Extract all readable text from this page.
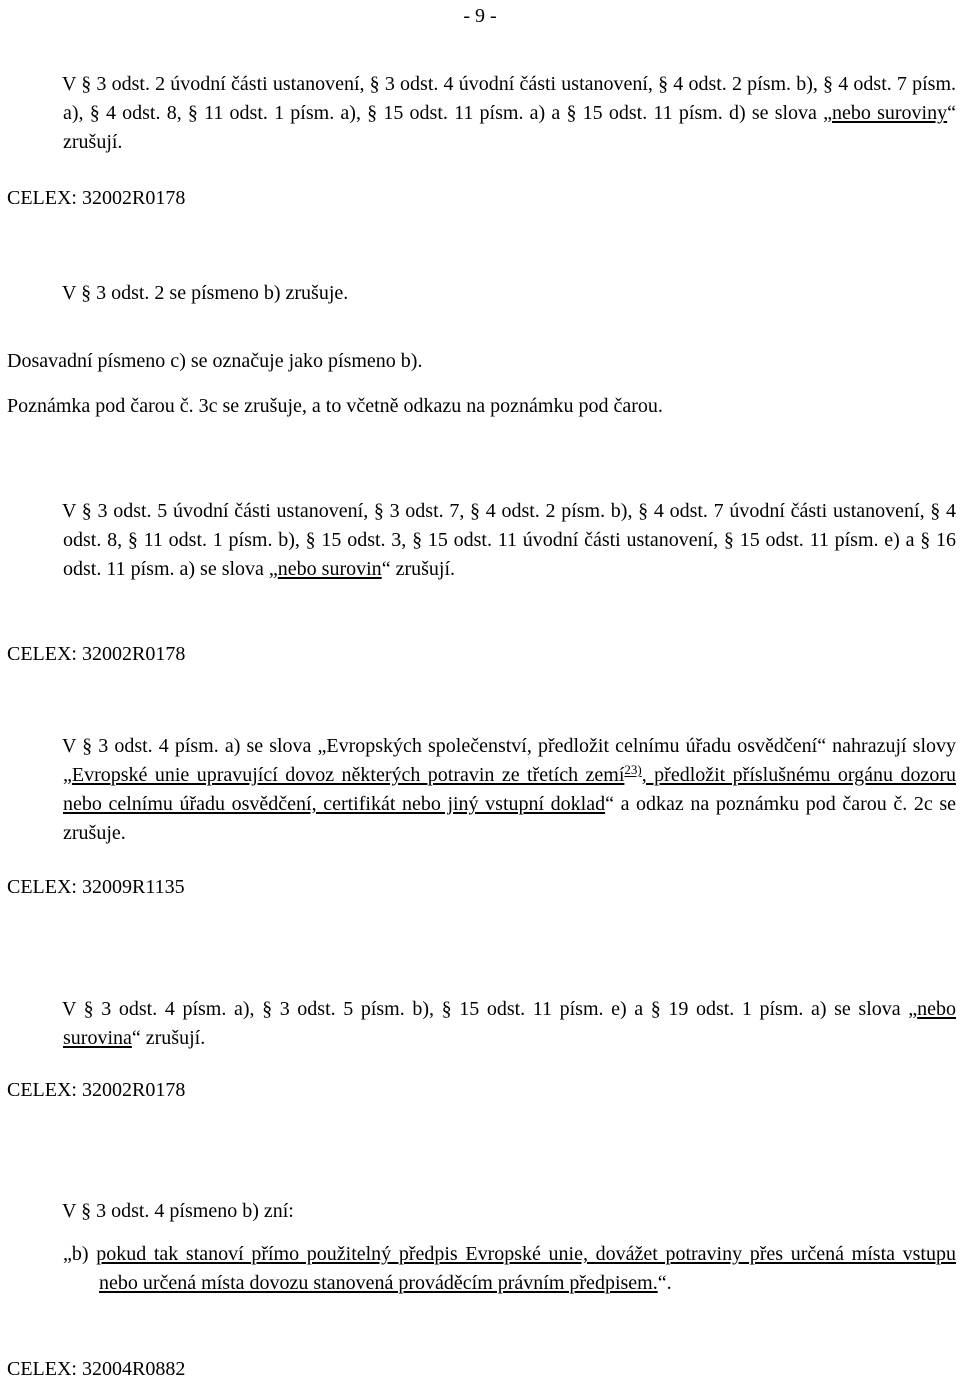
- 9 -
V § 3 odst. 2 úvodní části ustanovení, § 3 odst. 4 úvodní části ustanovení, § 4 odst. 2 písm. b), § 4 odst. 7 písm. a), § 4 odst. 8, § 11 odst. 1 písm. a), § 15 odst. 11 písm. a) a § 15 odst. 11 písm. d) se slova „nebo suroviny“ zrušují.
CELEX: 32002R0178
V § 3 odst. 2 se písmeno b) zrušuje.
Dosavadní písmeno c) se označuje jako písmeno b).
Poznámka pod čarou č. 3c se zrušuje, a to včetně odkazu na poznámku pod čarou.
V § 3 odst. 5 úvodní části ustanovení, § 3 odst. 7, § 4 odst. 2 písm. b), § 4 odst. 7 úvodní části ustanovení, § 4 odst. 8, § 11 odst. 1 písm. b), § 15 odst. 3, § 15 odst. 11 úvodní části ustanovení, § 15 odst. 11 písm. e) a § 16 odst. 11 písm. a) se slova „nebo surovin“ zrušují.
CELEX: 32002R0178
V § 3 odst. 4 písm. a) se slova „Evropských společenství, předložit celnímu úřadu osvědčení“ nahrazují slovy „Evropské unie upravující dovoz některých potravin ze třetích zemí$^{23)}$, předložit příslušnému orgánu dozoru nebo celnímu úřadu osvědčení, certifikát nebo jiný vstupní doklad“ a odkaz na poznámku pod čarou č. 2c se zrušuje.
CELEX: 32009R1135
V § 3 odst. 4 písm. a), § 3 odst. 5 písm. b), § 15 odst. 11 písm. e) a § 19 odst. 1 písm. a) se slova „nebo surovina“ zrušují.
CELEX: 32002R0178
V § 3 odst. 4 písmeno b) zní:
„b) pokud tak stanoví přímo použitelný předpis Evropské unie, dovážet potraviny přes určená místa vstupu nebo určená místa dovozu stanovená prováděcím právním předpisem.“.
CELEX: 32004R0882
